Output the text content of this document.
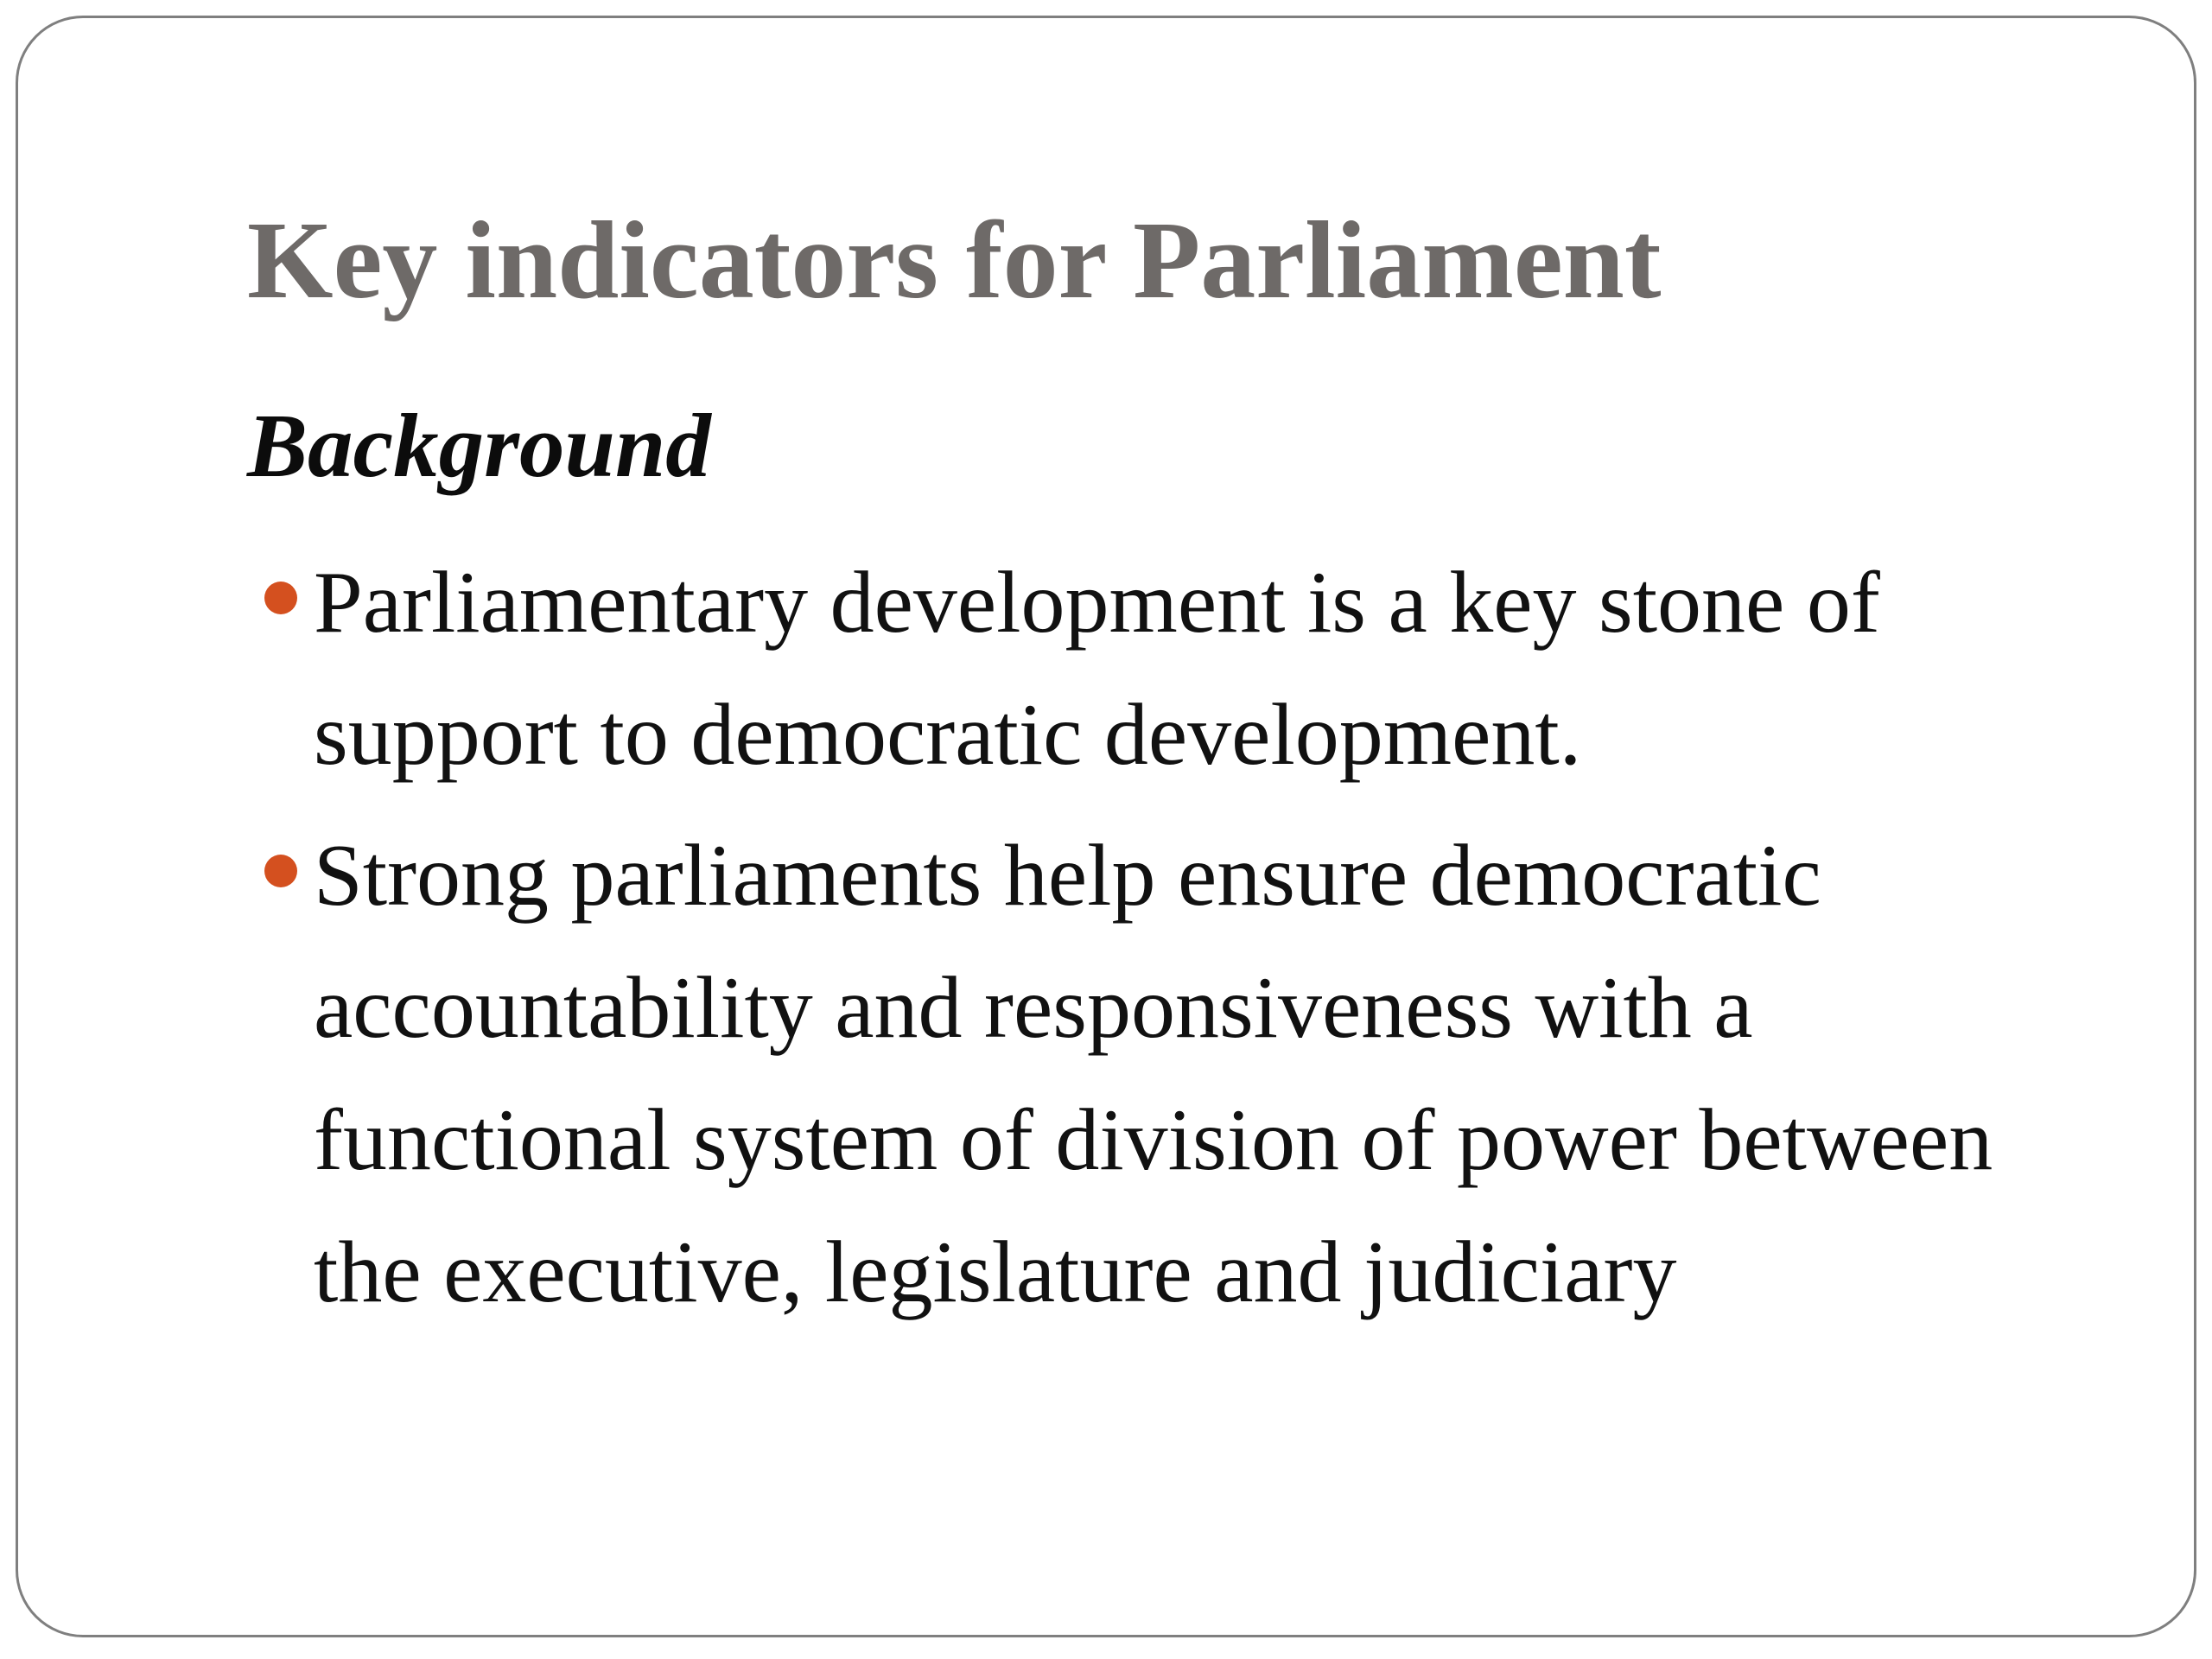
Key indicators for Parliament
Background
Parliamentary development is a key stone of support to democratic development.
Strong parliaments help ensure democratic accountability and responsiveness with a functional system of division of power between the executive, legislature and judiciary
